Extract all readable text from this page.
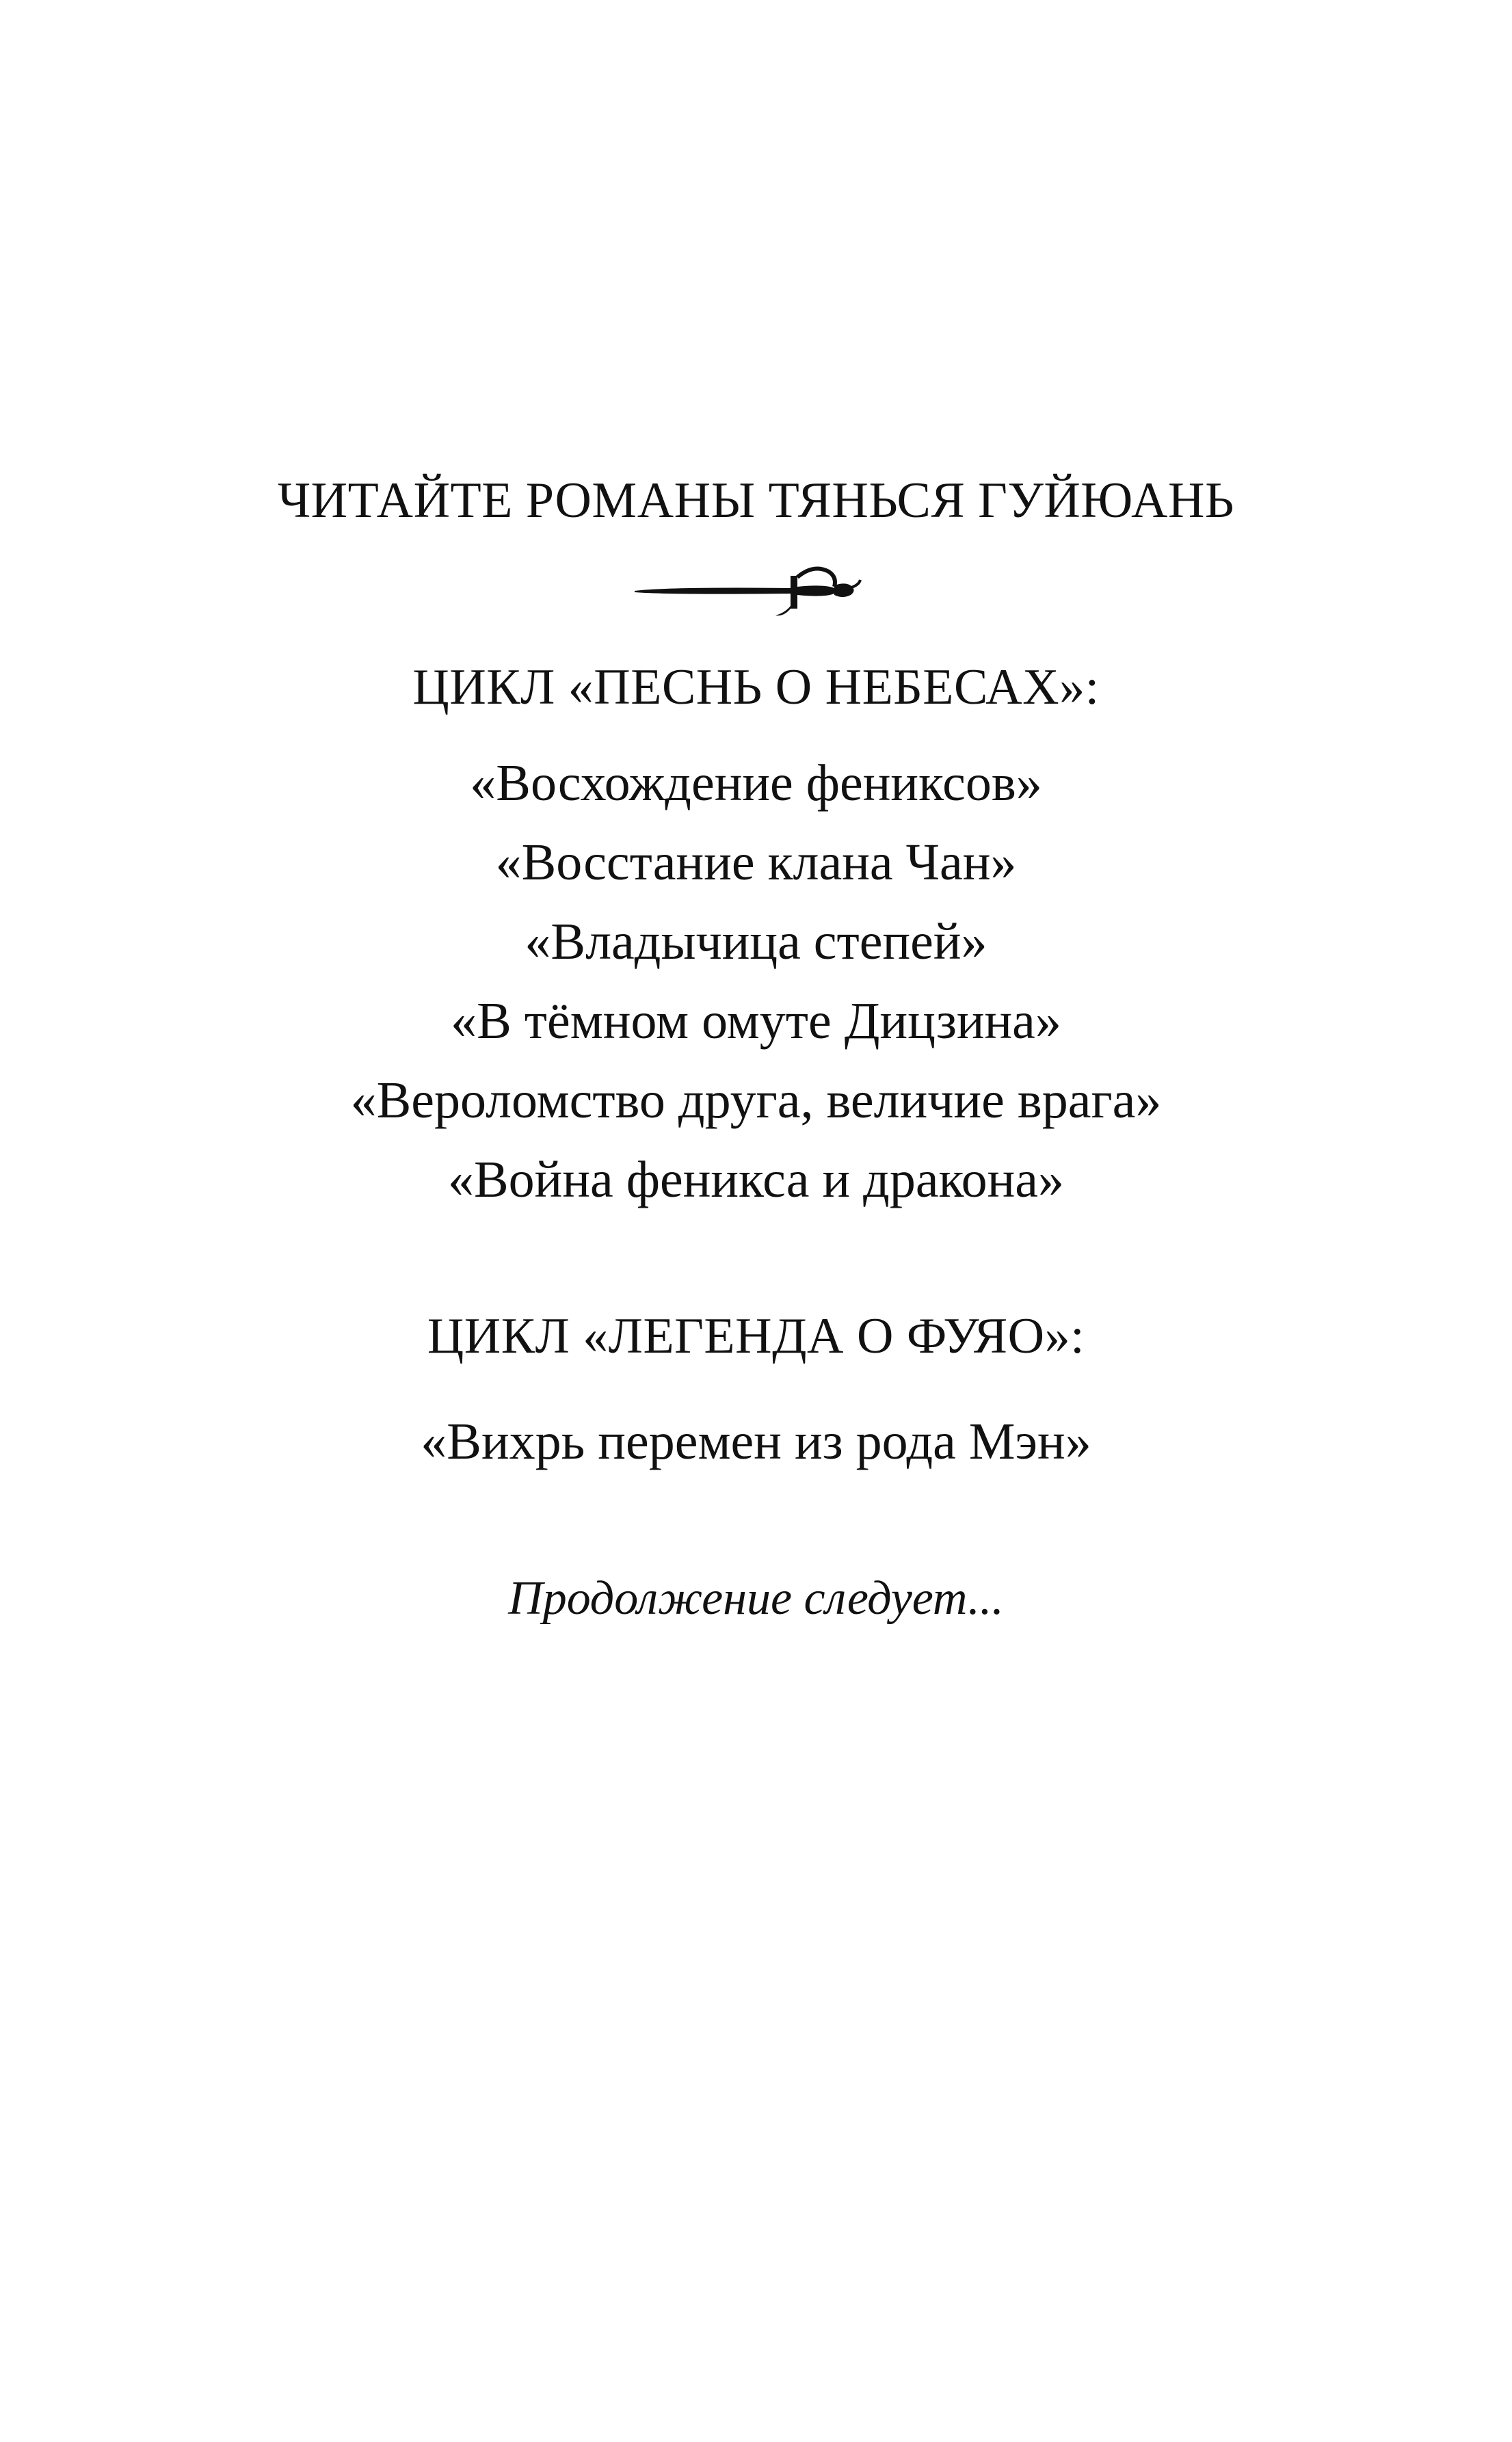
ЧИТАЙТЕ РОМАНЫ ТЯНЬСЯ ГУЙЮАНЬ
ЦИКЛ «ПЕСНЬ О НЕБЕСАХ»:
«Восхождение фениксов»
«Восстание клана Чан»
«Владычица степей»
«В тёмном омуте Дицзина»
«Вероломство друга, величие врага»
«Война феникса и дракона»
ЦИКЛ «ЛЕГЕНДА О ФУЯО»:
«Вихрь перемен из рода Мэн»
Продолжение следует...
